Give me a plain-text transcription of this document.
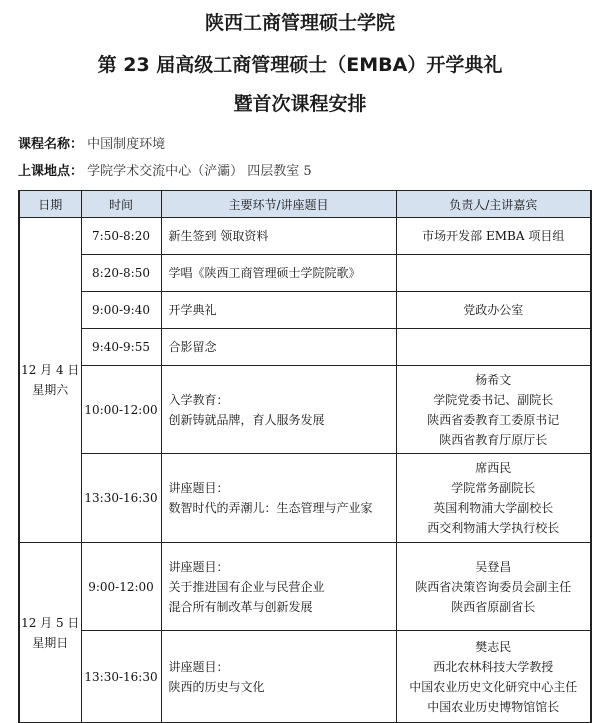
陕西工商管理硕士学院
第 23 届高级工商管理硕士（EMBA）开学典礼
暨首次课程安排
课程名称： 中国制度环境
上课地点： 学院学术交流中心（浐灞） 四层教室 5
日期	时间	主要环节/讲座题目	负责人/主讲嘉宾

12 月 4 日
星期六	7:50-8:20	新生签到 领取资料	市场开发部 EMBA 项目组

	8:20-8:50	学唱《陕西工商管理硕士学院院歌》	

	9:00-9:40	开学典礼	党政办公室

	9:40-9:55	合影留念	

	10:00-12:00	入学教育：
创新铸就品牌，育人服务发展	杨希文
学院党委书记、副院长
陕西省委教育工委原书记
陕西省教育厅原厅长

	13:30-16:30	讲座题目：
数智时代的弄潮儿：生态管理与产业家	席西民
学院常务副院长
英国利物浦大学副校长
西交利物浦大学执行校长

12 月 5 日
星期日	9:00-12:00	讲座题目：
关于推进国有企业与民营企业
混合所有制改革与创新发展	吴登昌
陕西省决策咨询委员会副主任
陕西省原副省长

	13:30-16:30	讲座题目：
陕西的历史与文化	樊志民
西北农林科技大学教授
中国农业历史文化研究中心主任
中国农业历史博物馆馆长
